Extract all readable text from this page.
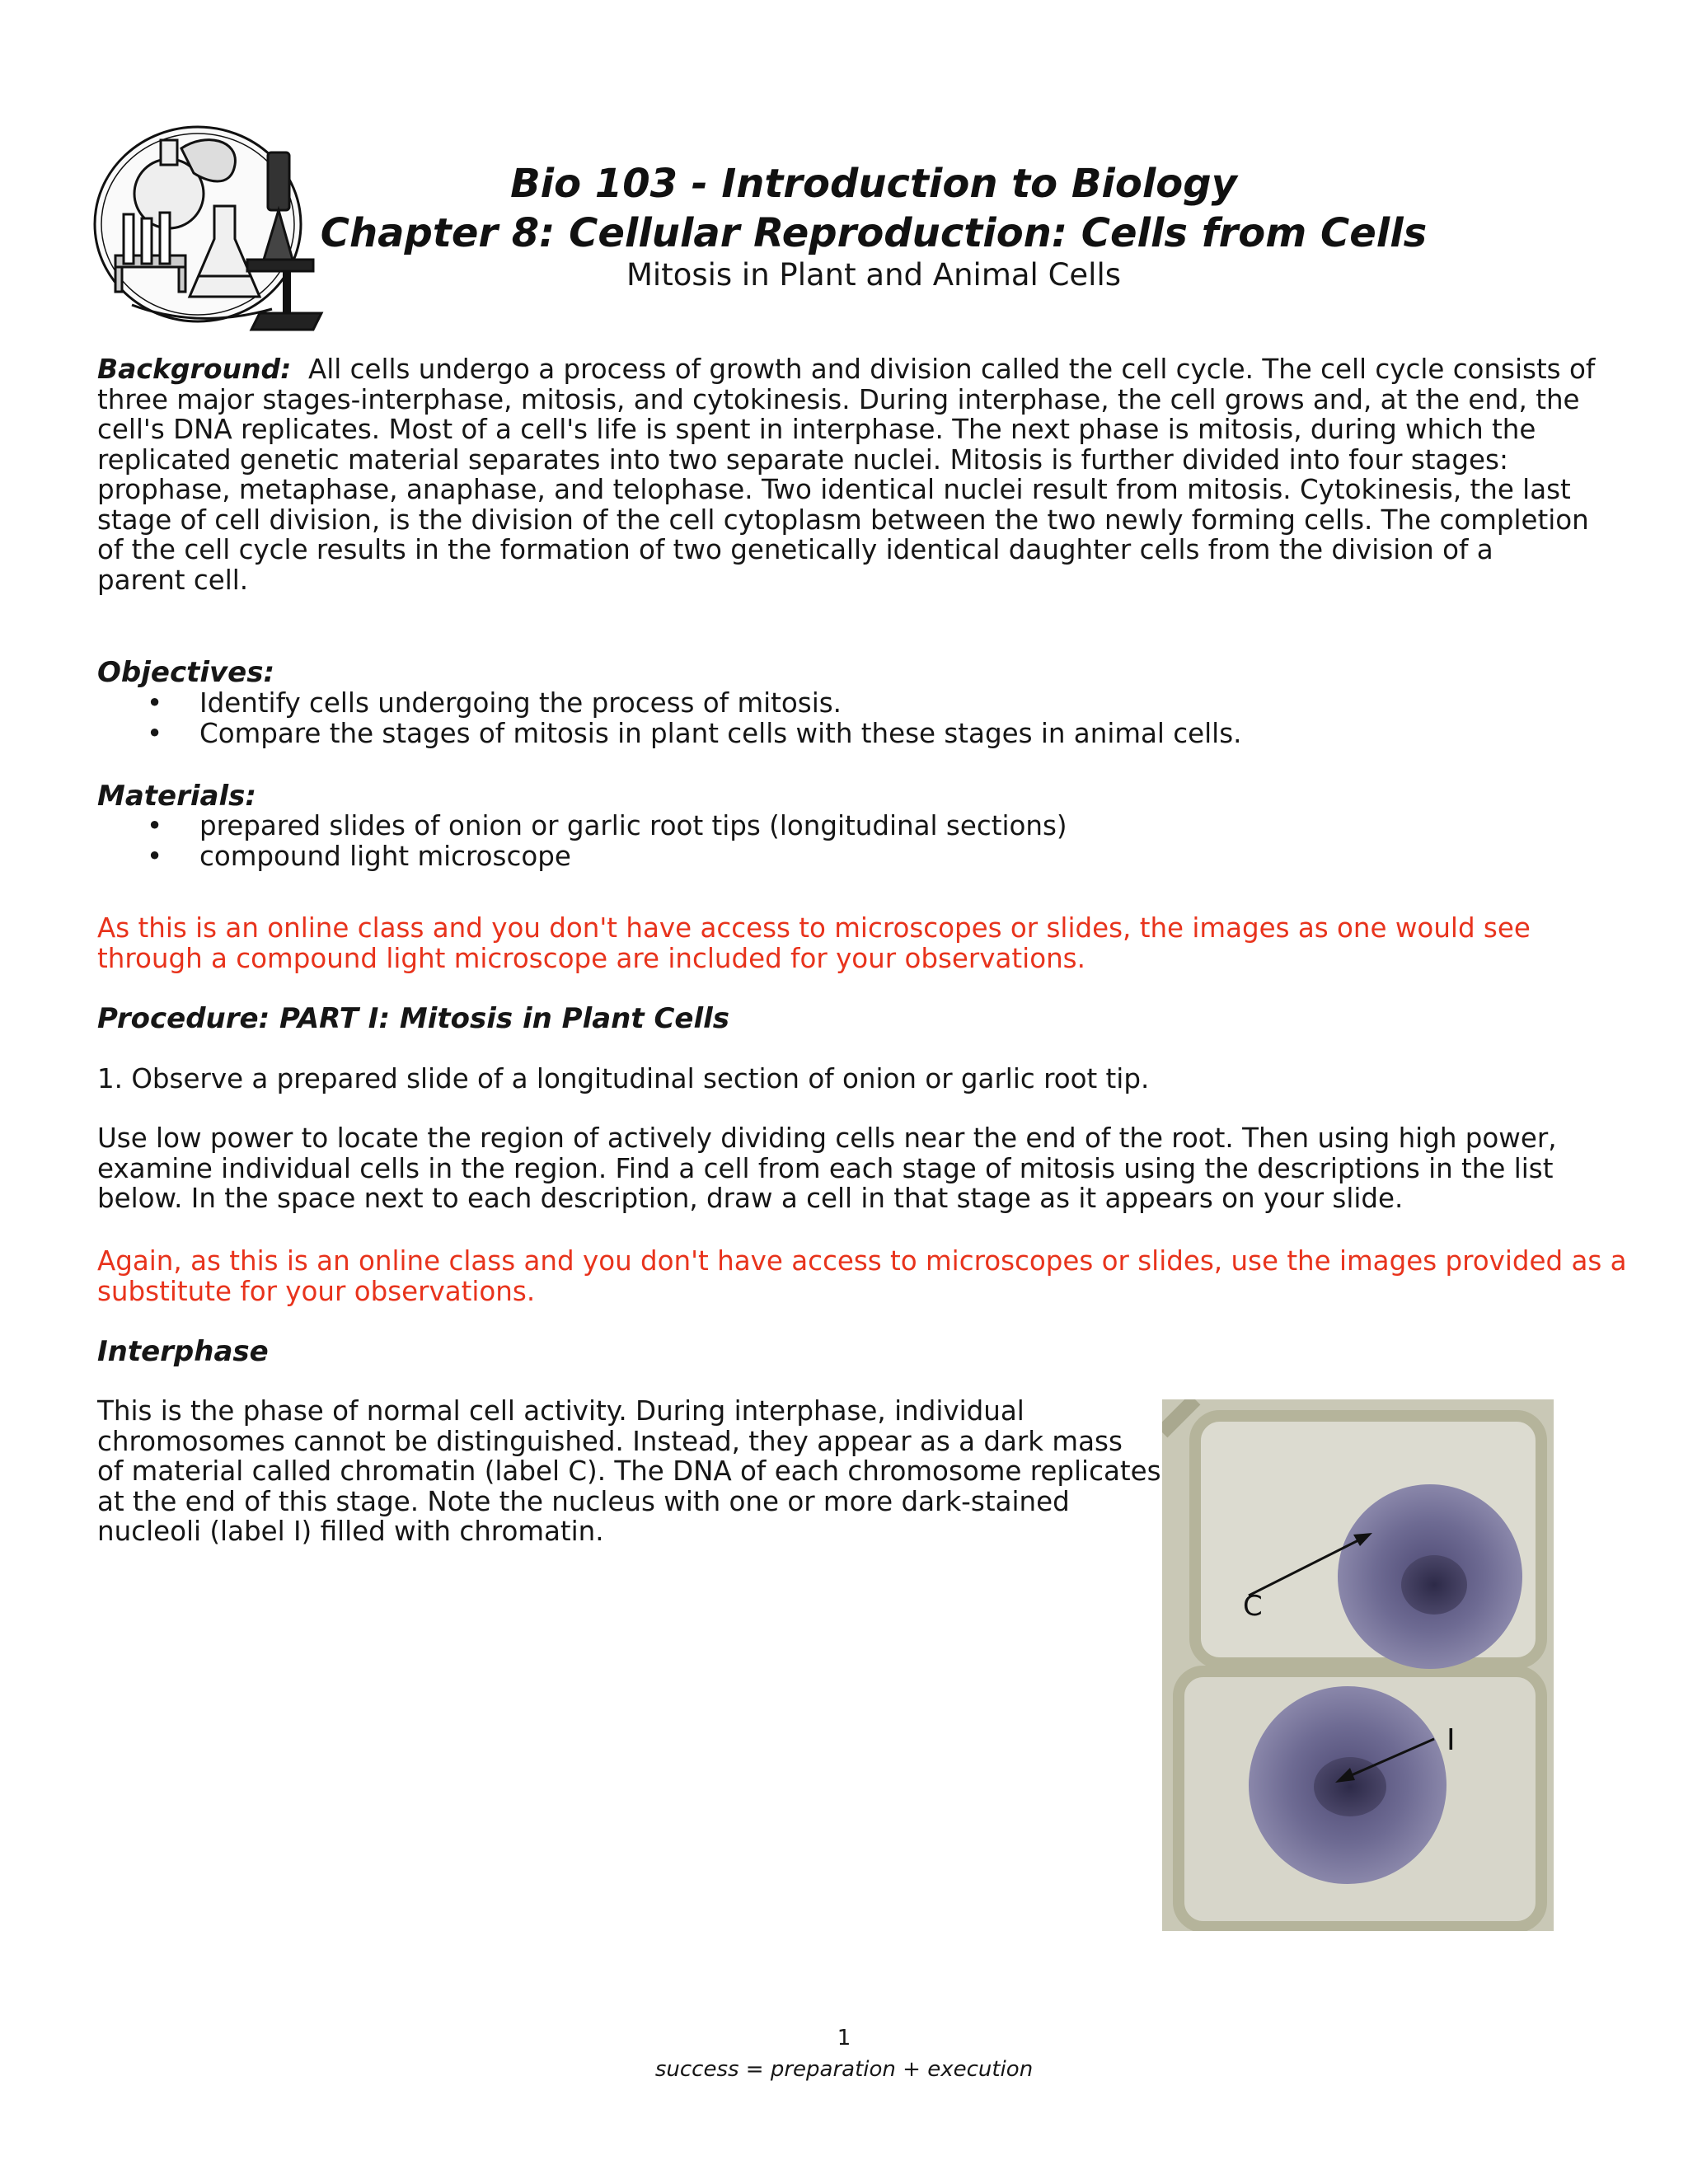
Bio 103 - Introduction to Biology
Chapter 8: Cellular Reproduction: Cells from Cells
Mitosis in Plant and Animal Cells
Background: All cells undergo a process of growth and division called the cell cycle. The cell cycle consists of
three major stages-interphase, mitosis, and cytokinesis. During interphase, the cell grows and, at the end, the
cell's DNA replicates. Most of a cell's life is spent in interphase. The next phase is mitosis, during which the
replicated genetic material separates into two separate nuclei. Mitosis is further divided into four stages:
prophase, metaphase, anaphase, and telophase. Two identical nuclei result from mitosis. Cytokinesis, the last
stage of cell division, is the division of the cell cytoplasm between the two newly forming cells. The completion
of the cell cycle results in the formation of two genetically identical daughter cells from the division of a
parent cell.
Objectives:
• Identify cells undergoing the process of mitosis.
• Compare the stages of mitosis in plant cells with these stages in animal cells.
Materials:
• prepared slides of onion or garlic root tips (longitudinal sections)
• compound light microscope
As this is an online class and you don't have access to microscopes or slides, the images as one would see
through a compound light microscope are included for your observations.
Procedure: PART I: Mitosis in Plant Cells
1. Observe a prepared slide of a longitudinal section of onion or garlic root tip.
Use low power to locate the region of actively dividing cells near the end of the root. Then using high power,
examine individual cells in the region. Find a cell from each stage of mitosis using the descriptions in the list
below. In the space next to each description, draw a cell in that stage as it appears on your slide.
Again, as this is an online class and you don't have access to microscopes or slides, use the images provided as a
substitute for your observations.
Interphase
This is the phase of normal cell activity. During interphase, individual
chromosomes cannot be distinguished. Instead, they appear as a dark mass
of material called chromatin (label C). The DNA of each chromosome replicates
at the end of this stage. Note the nucleus with one or more dark-stained
nucleoli (label I) filled with chromatin.
C
I
1
success = preparation + execution
